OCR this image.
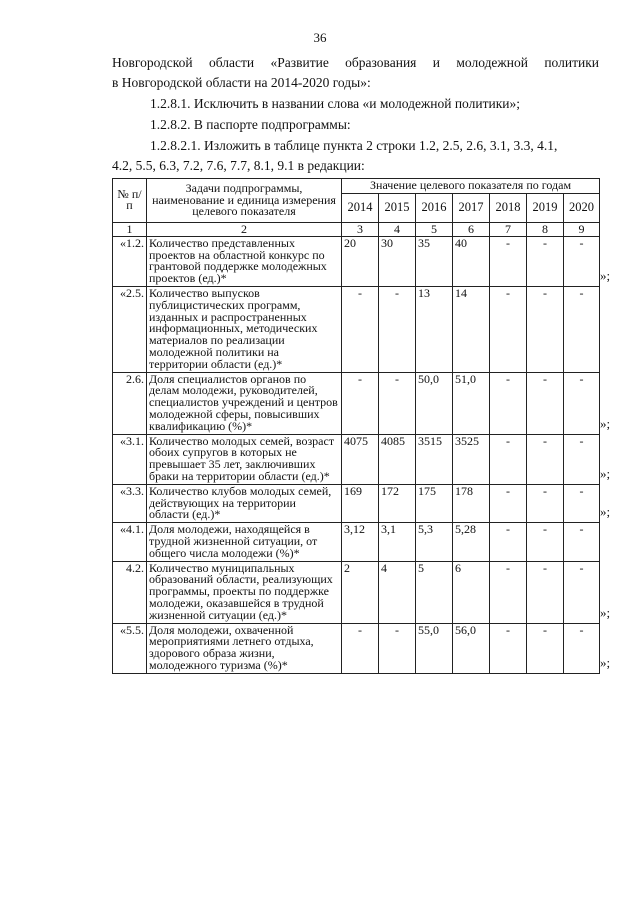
36
Новгородской области «Развитие образования и молодежной политики
в Новгородской области на 2014-2020 годы»:
1.2.8.1. Исключить в названии слова «и молодежной политики»;
1.2.8.2. В паспорте подпрограммы:
1.2.8.2.1. Изложить в таблице пункта 2 строки 1.2, 2.5, 2.6, 3.1, 3.3, 4.1,
4.2, 5.5, 6.3, 7.2, 7.6, 7.7, 8.1, 9.1 в редакции:
№ п/п	Задачи подпрограммы, наименование и единица измерения целевого показателя	Значение целевого показателя по годам						
		2014	2015	2016	2017	2018	2019	2020
1	2	3	4	5	6	7	8	9
«1.2.	Количество представленных проектов на областной конкурс по грантовой поддержке молодежных проектов (ед.)*	20	30	35	40	-	-	-
«2.5.	Количество выпусков публицистических программ, изданных и распространенных информационных, методических материалов по реализации молодежной политики на территории области (ед.)*	-	-	13	14	-	-	-
2.6.	Доля специалистов органов по делам молодежи, руководителей, специалистов учреждений и центров молодежной сферы, повысивших квалификацию (%)*	-	-	50,0	51,0	-	-	-
«3.1.	Количество молодых семей, возраст обоих супругов в которых не превышает 35 лет, заключивших браки на территории области (ед.)*	4075	4085	3515	3525	-	-	-
«3.3.	Количество клубов молодых семей, действующих на территории области (ед.)*	169	172	175	178	-	-	-
«4.1.	Доля молодежи, находящейся в трудной жизненной ситуации, от общего числа молодежи (%)*	3,12	3,1	5,3	5,28	-	-	-
4.2.	Количество муниципальных образований области, реализующих программы, проекты по поддержке молодежи, оказавшейся в трудной жизненной ситуации (ед.)*	2	4	5	6	-	-	-
«5.5.	Доля молодежи, охваченной мероприятиями летнего отдыха, здорового образа жизни, молодежного туризма (%)*	-	-	55,0	56,0	-	-	-
»;
»;
»;
»;
»;
»;
